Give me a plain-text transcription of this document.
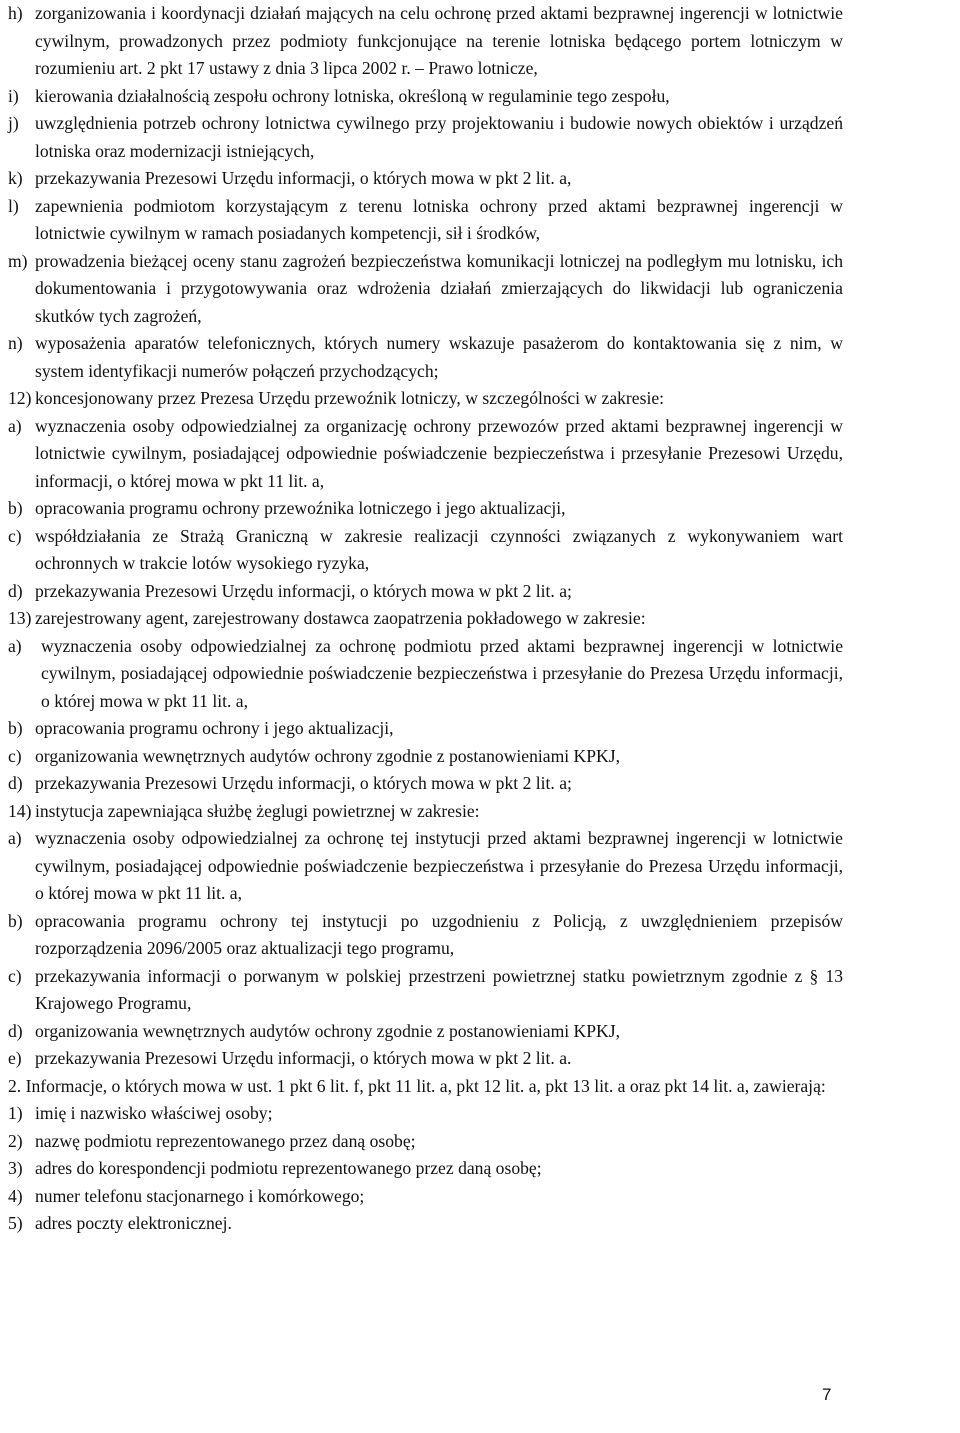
h) zorganizowania i koordynacji działań mających na celu ochronę przed aktami bezprawnej ingerencji w lotnictwie cywilnym, prowadzonych przez podmioty funkcjonujące na terenie lotniska będącego portem lotniczym w rozumieniu art. 2 pkt 17 ustawy z dnia 3 lipca 2002 r. – Prawo lotnicze,
i) kierowania działalnością zespołu ochrony lotniska, określoną w regulaminie tego zespołu,
j) uwzględnienia potrzeb ochrony lotnictwa cywilnego przy projektowaniu i budowie nowych obiektów i urządzeń lotniska oraz modernizacji istniejących,
k) przekazywania Prezesowi Urzędu informacji, o których mowa w pkt 2 lit. a,
l) zapewnienia podmiotom korzystającym z terenu lotniska ochrony przed aktami bezprawnej ingerencji w lotnictwie cywilnym w ramach posiadanych kompetencji, sił i środków,
m) prowadzenia bieżącej oceny stanu zagrożeń bezpieczeństwa komunikacji lotniczej na podległym mu lotnisku, ich dokumentowania i przygotowywania oraz wdrożenia działań zmierzających do likwidacji lub ograniczenia skutków tych zagrożeń,
n) wyposażenia aparatów telefonicznych, których numery wskazuje pasażerom do kontaktowania się z nim, w system identyfikacji numerów połączeń przychodzących;
12) koncesjonowany przez Prezesa Urzędu przewoźnik lotniczy, w szczególności w zakresie:
a) wyznaczenia osoby odpowiedzialnej za organizację ochrony przewozów przed aktami bezprawnej ingerencji w lotnictwie cywilnym, posiadającej odpowiednie poświadczenie bezpieczeństwa i przesyłanie Prezesowi Urzędu, informacji, o której mowa w pkt 11 lit. a,
b) opracowania programu ochrony przewoźnika lotniczego i jego aktualizacji,
c) współdziałania ze Strażą Graniczną w zakresie realizacji czynności związanych z wykonywaniem wart ochronnych w trakcie lotów wysokiego ryzyka,
d) przekazywania Prezesowi Urzędu informacji, o których mowa w pkt 2 lit. a;
13) zarejestrowany agent, zarejestrowany dostawca zaopatrzenia pokładowego w zakresie:
a)	wyznaczenia osoby odpowiedzialnej za ochronę podmiotu przed aktami bezprawnej ingerencji w lotnictwie cywilnym, posiadającej odpowiednie poświadczenie bezpieczeństwa i przesyłanie do Prezesa Urzędu informacji, o której mowa w pkt 11 lit. a,
b) opracowania programu ochrony i jego aktualizacji,
c) organizowania wewnętrznych audytów ochrony zgodnie z postanowieniami KPKJ,
d) przekazywania Prezesowi Urzędu informacji, o których mowa w pkt 2 lit. a;
14) instytucja zapewniająca służbę żeglugi powietrznej w zakresie:
a) wyznaczenia osoby odpowiedzialnej za ochronę tej instytucji przed aktami bezprawnej ingerencji w lotnictwie cywilnym, posiadającej odpowiednie poświadczenie bezpieczeństwa i przesyłanie do Prezesa Urzędu informacji, o której mowa w pkt 11 lit. a,
b) opracowania programu ochrony tej instytucji po uzgodnieniu z Policją, z uwzględnieniem przepisów rozporządzenia 2096/2005 oraz aktualizacji tego programu,
c) przekazywania informacji o porwanym w polskiej przestrzeni powietrznej statku powietrznym zgodnie z § 13 Krajowego Programu,
d) organizowania wewnętrznych audytów ochrony zgodnie z postanowieniami KPKJ,
e) przekazywania Prezesowi Urzędu informacji, o których mowa w pkt 2 lit. a.
2. Informacje, o których mowa w ust. 1 pkt 6 lit. f, pkt 11 lit. a, pkt 12 lit. a, pkt 13 lit. a oraz pkt 14 lit. a, zawierają:
1) imię i nazwisko właściwej osoby;
2) nazwę podmiotu reprezentowanego przez daną osobę;
3) adres do korespondencji podmiotu reprezentowanego przez daną osobę;
4) numer telefonu stacjonarnego i komórkowego;
5) adres poczty elektronicznej.
7
